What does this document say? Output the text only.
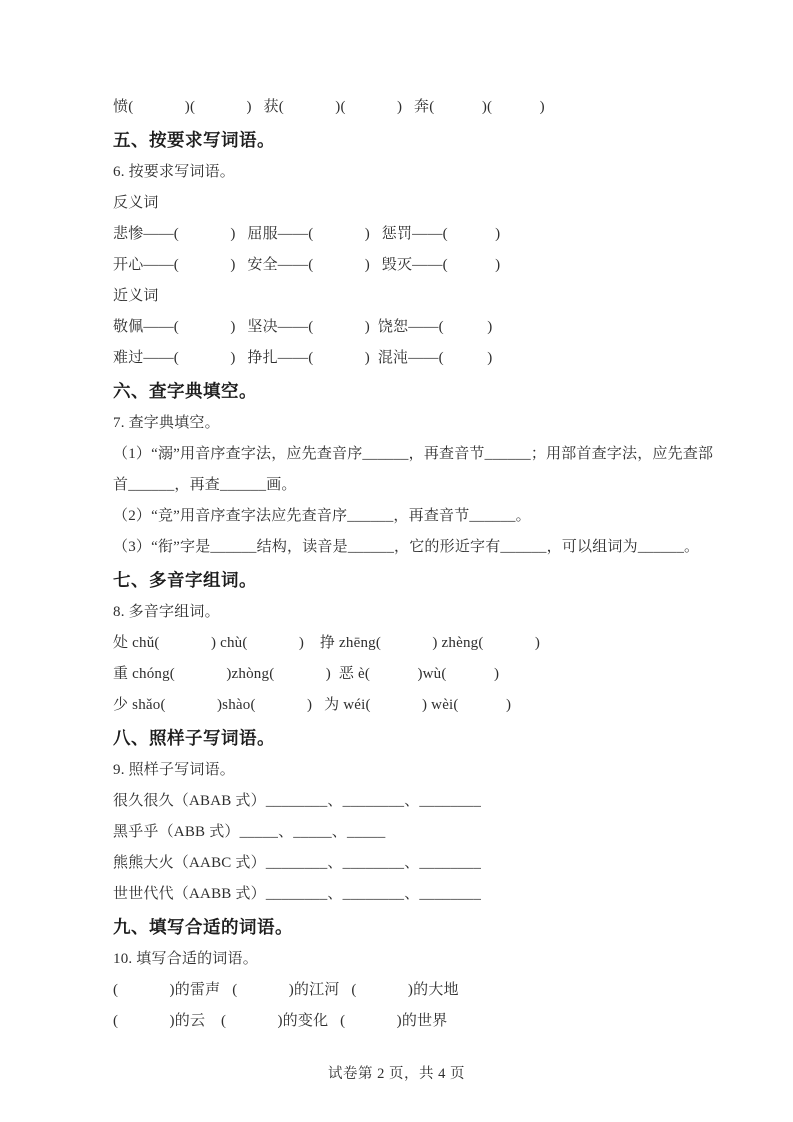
愤(             )(             )   获(             )(             )   奔(            )(            )
五、按要求写词语。
6. 按要求写词语。
反义词
悲惨——(             )   屈服——(             )   惩罚——(            )
开心——(             )   安全——(             )   毁灭——(            )
近义词
敬佩——(             )   坚决——(             )  饶恕——(           )
难过——(             )   挣扎——(             )  混沌——(           )
六、查字典填空。
7. 查字典填空。
（1）“溺”用音序查字法，应先查音序______，再查音节______；用部首查字法，应先查部
首______，再查______画。
（2）“竞”用音序查字法应先查音序______，再查音节______。
（3）“衔”字是______结构，读音是______，它的形近字有______，可以组词为______。
七、多音字组词。
8. 多音字组词。
处 chǔ(             ) chù(             )    挣 zhēng(             ) zhèng(             )
重 chóng(             )zhòng(             )  恶 è(            )wù(            )
少 shǎo(             )shào(             )   为 wéi(             ) wèi(            )
八、照样子写词语。
9. 照样子写词语。
很久很久（ABAB 式）________、________、________
黑乎乎（ABB 式）_____、_____、_____
熊熊大火（AABC 式）________、________、________
世世代代（AABB 式）________、________、________
九、填写合适的词语。
10. 填写合适的词语。
(             )的雷声   (             )的江河   (             )的大地
(             )的云    (             )的变化   (             )的世界
试卷第 2 页，共 4 页
